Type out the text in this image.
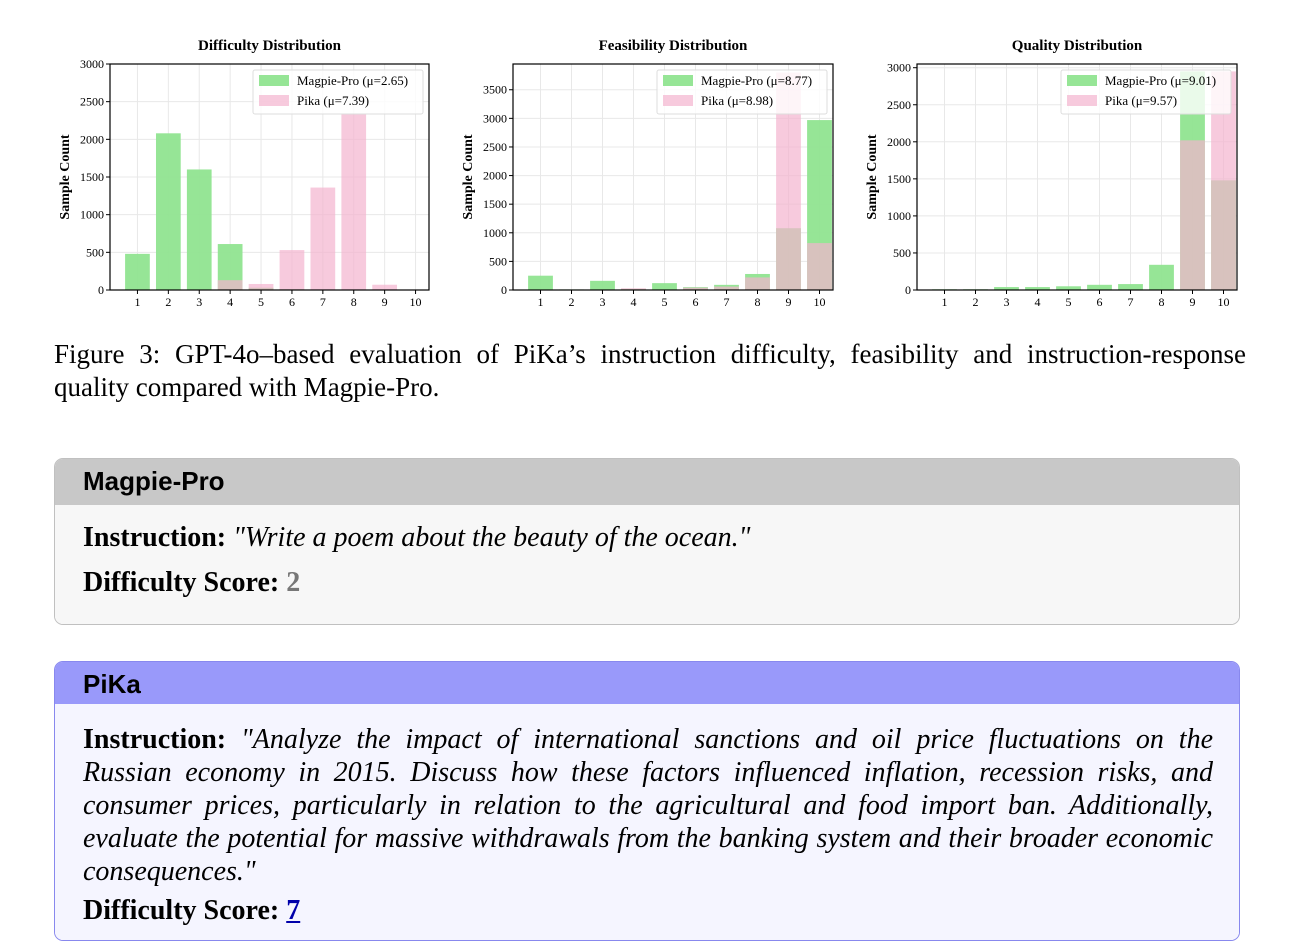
0
500
1000
1500
2000
2500
3000
1 2 3 4 5 6 7 8 9 10
Difficulty Distribution
Sample Count
Magpie-Pro (μ=2.65)
Pika (μ=7.39)
0
500
1000
1500
2000
2500
3000
3500
1 2 3 4 5 6 7 8 9 10
Feasibility Distribution
Sample Count
Magpie-Pro (μ=8.77)
Pika (μ=8.98)
0
500
1000
1500
2000
2500
3000
1 2 3 4 5 6 7 8 9 10
Quality Distribution
Sample Count
Magpie-Pro (μ=9.01)
Pika (μ=9.57)
Figure 3: GPT-4o–based evaluation of PiKa’s instruction difficulty, feasibility and instruction-response quality compared with Magpie-Pro.
Magpie-Pro
Instruction: "Write a poem about the beauty of the ocean."
Difficulty Score: 2
PiKa
Instruction: "Analyze the impact of international sanctions and oil price fluctuations on the Russian economy in 2015. Discuss how these factors influenced inflation, recession risks, and consumer prices, particularly in relation to the agricultural and food import ban. Additionally, evaluate the potential for massive withdrawals from the banking system and their broader economic consequences."
Difficulty Score: 7
